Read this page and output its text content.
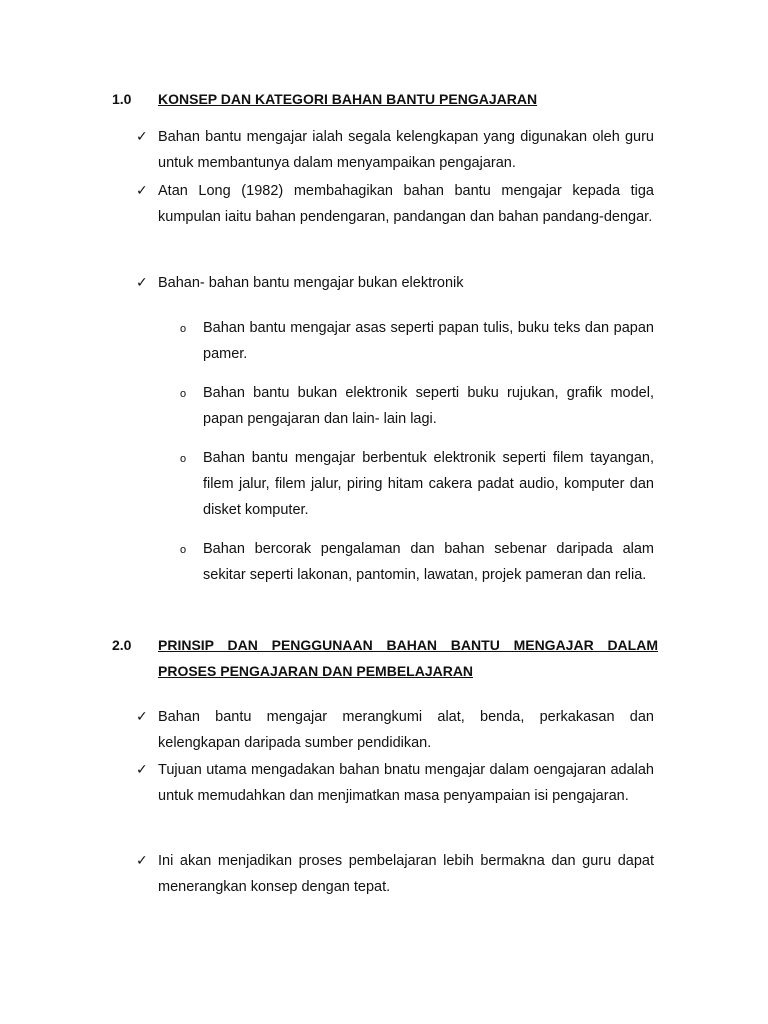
1.0 KONSEP DAN KATEGORI BAHAN BANTU PENGAJARAN
✓ Bahan bantu mengajar ialah segala kelengkapan yang digunakan oleh guru untuk membantunya dalam menyampaikan pengajaran.
✓ Atan Long (1982) membahagikan bahan bantu mengajar kepada tiga kumpulan iaitu bahan pendengaran, pandangan dan bahan pandang-dengar.
✓ Bahan- bahan bantu mengajar bukan elektronik
o Bahan bantu mengajar asas seperti papan tulis, buku teks dan papan pamer.
o Bahan bantu bukan elektronik seperti buku rujukan, grafik model, papan pengajaran dan lain- lain lagi.
o Bahan bantu mengajar berbentuk elektronik seperti filem tayangan, filem jalur, filem jalur, piring hitam cakera padat audio, komputer dan disket komputer.
o Bahan bercorak pengalaman dan bahan sebenar daripada alam sekitar seperti lakonan, pantomin, lawatan, projek pameran dan relia.
2.0 PRINSIP DAN PENGGUNAAN BAHAN BANTU MENGAJAR DALAM PROSES PENGAJARAN DAN PEMBELAJARAN
✓ Bahan bantu mengajar merangkumi alat, benda, perkakasan dan kelengkapan daripada sumber pendidikan.
✓ Tujuan utama mengadakan bahan bnatu mengajar dalam oengajaran adalah untuk memudahkan dan menjimatkan masa penyampaian isi pengajaran.
✓ Ini akan menjadikan proses pembelajaran lebih bermakna dan guru dapat menerangkan konsep dengan tepat.
